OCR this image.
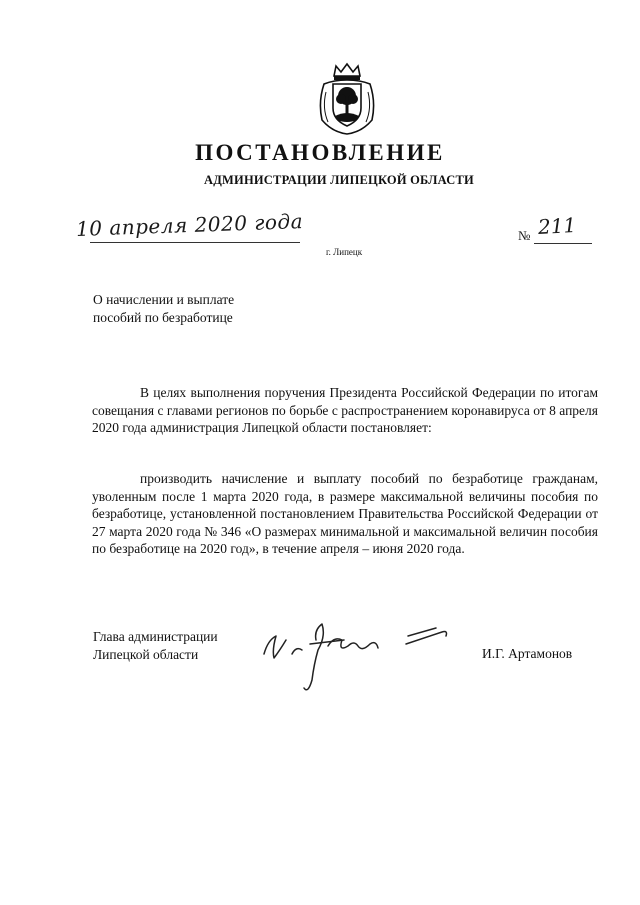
ПОСТАНОВЛЕНИЕ
АДМИНИСТРАЦИИ ЛИПЕЦКОЙ ОБЛАСТИ
10 апреля 2020 года
г. Липецк
№ 211
О начислении и выплате
пособий по безработице
В целях выполнения поручения Президента Российской Федерации по итогам совещания с главами регионов по борьбе с распространением коронавируса от 8 апреля 2020 года администрация Липецкой области постановляет:
производить начисление и выплату пособий по безработице гражданам, уволенным после 1 марта 2020 года, в размере максимальной величины пособия по безработице, установленной постановлением Правительства Российской Федерации от 27 марта 2020 года № 346 «О размерах минимальной и максимальной величин пособия по безработице на 2020 год», в течение апреля – июня 2020 года.
Глава администрации
Липецкой области	И.Г. Артамонов
